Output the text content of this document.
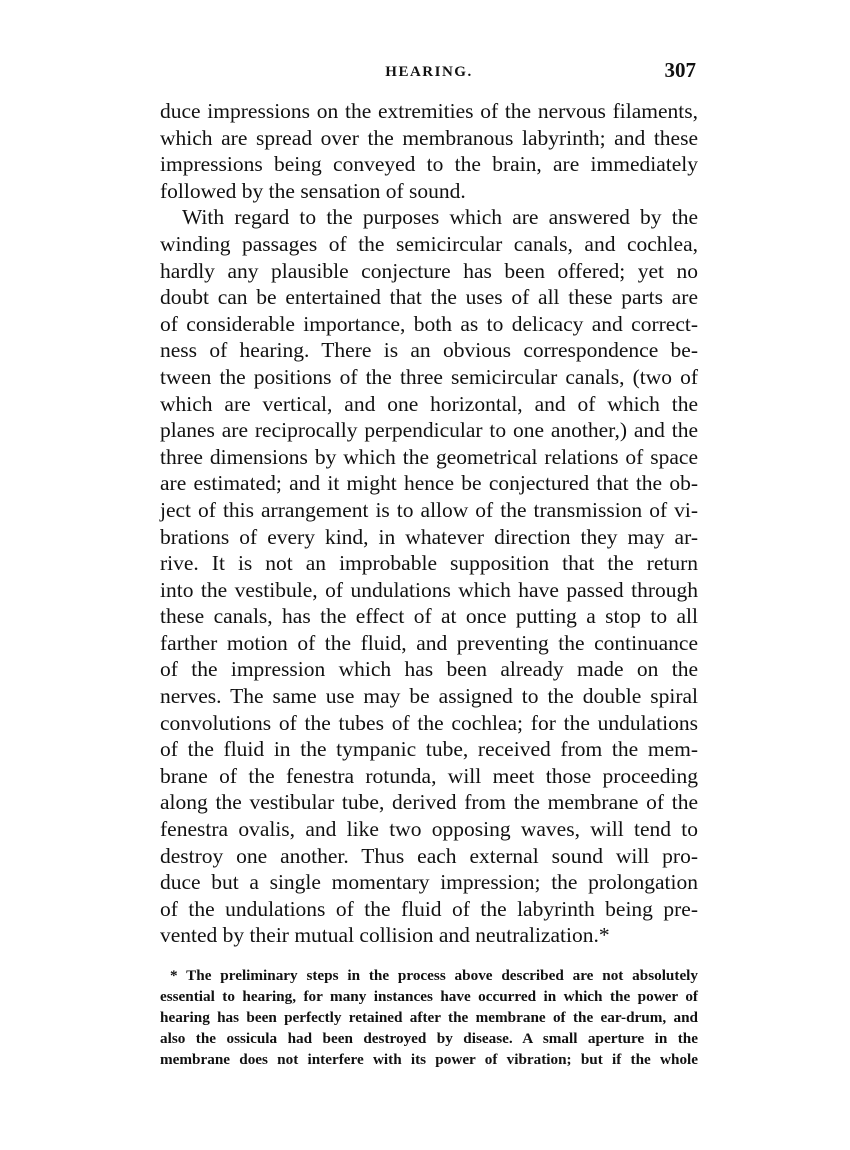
HEARING.	307
duce impressions on the extremities of the nervous filaments,
which are spread over the membranous labyrinth; and these
impressions being conveyed to the brain, are immediately
followed by the sensation of sound.
With regard to the purposes which are answered by the
winding passages of the semicircular canals, and cochlea,
hardly any plausible conjecture has been offered; yet no
doubt can be entertained that the uses of all these parts are
of considerable importance, both as to delicacy and correct-
ness of hearing. There is an obvious correspondence be-
tween the positions of the three semicircular canals, (two of
which are vertical, and one horizontal, and of which the
planes are reciprocally perpendicular to one another,) and the
three dimensions by which the geometrical relations of space
are estimated; and it might hence be conjectured that the ob-
ject of this arrangement is to allow of the transmission of vi-
brations of every kind, in whatever direction they may ar-
rive. It is not an improbable supposition that the return
into the vestibule, of undulations which have passed through
these canals, has the effect of at once putting a stop to all
farther motion of the fluid, and preventing the continuance
of the impression which has been already made on the
nerves. The same use may be assigned to the double spiral
convolutions of the tubes of the cochlea; for the undulations
of the fluid in the tympanic tube, received from the mem-
brane of the fenestra rotunda, will meet those proceeding
along the vestibular tube, derived from the membrane of the
fenestra ovalis, and like two opposing waves, will tend to
destroy one another. Thus each external sound will pro-
duce but a single momentary impression; the prolongation
of the undulations of the fluid of the labyrinth being pre-
vented by their mutual collision and neutralization.*
* The preliminary steps in the process above described are not absolutely
essential to hearing, for many instances have occurred in which the power of
hearing has been perfectly retained after the membrane of the ear-drum, and
also the ossicula had been destroyed by disease. A small aperture in the
membrane does not interfere with its power of vibration; but if the whole
